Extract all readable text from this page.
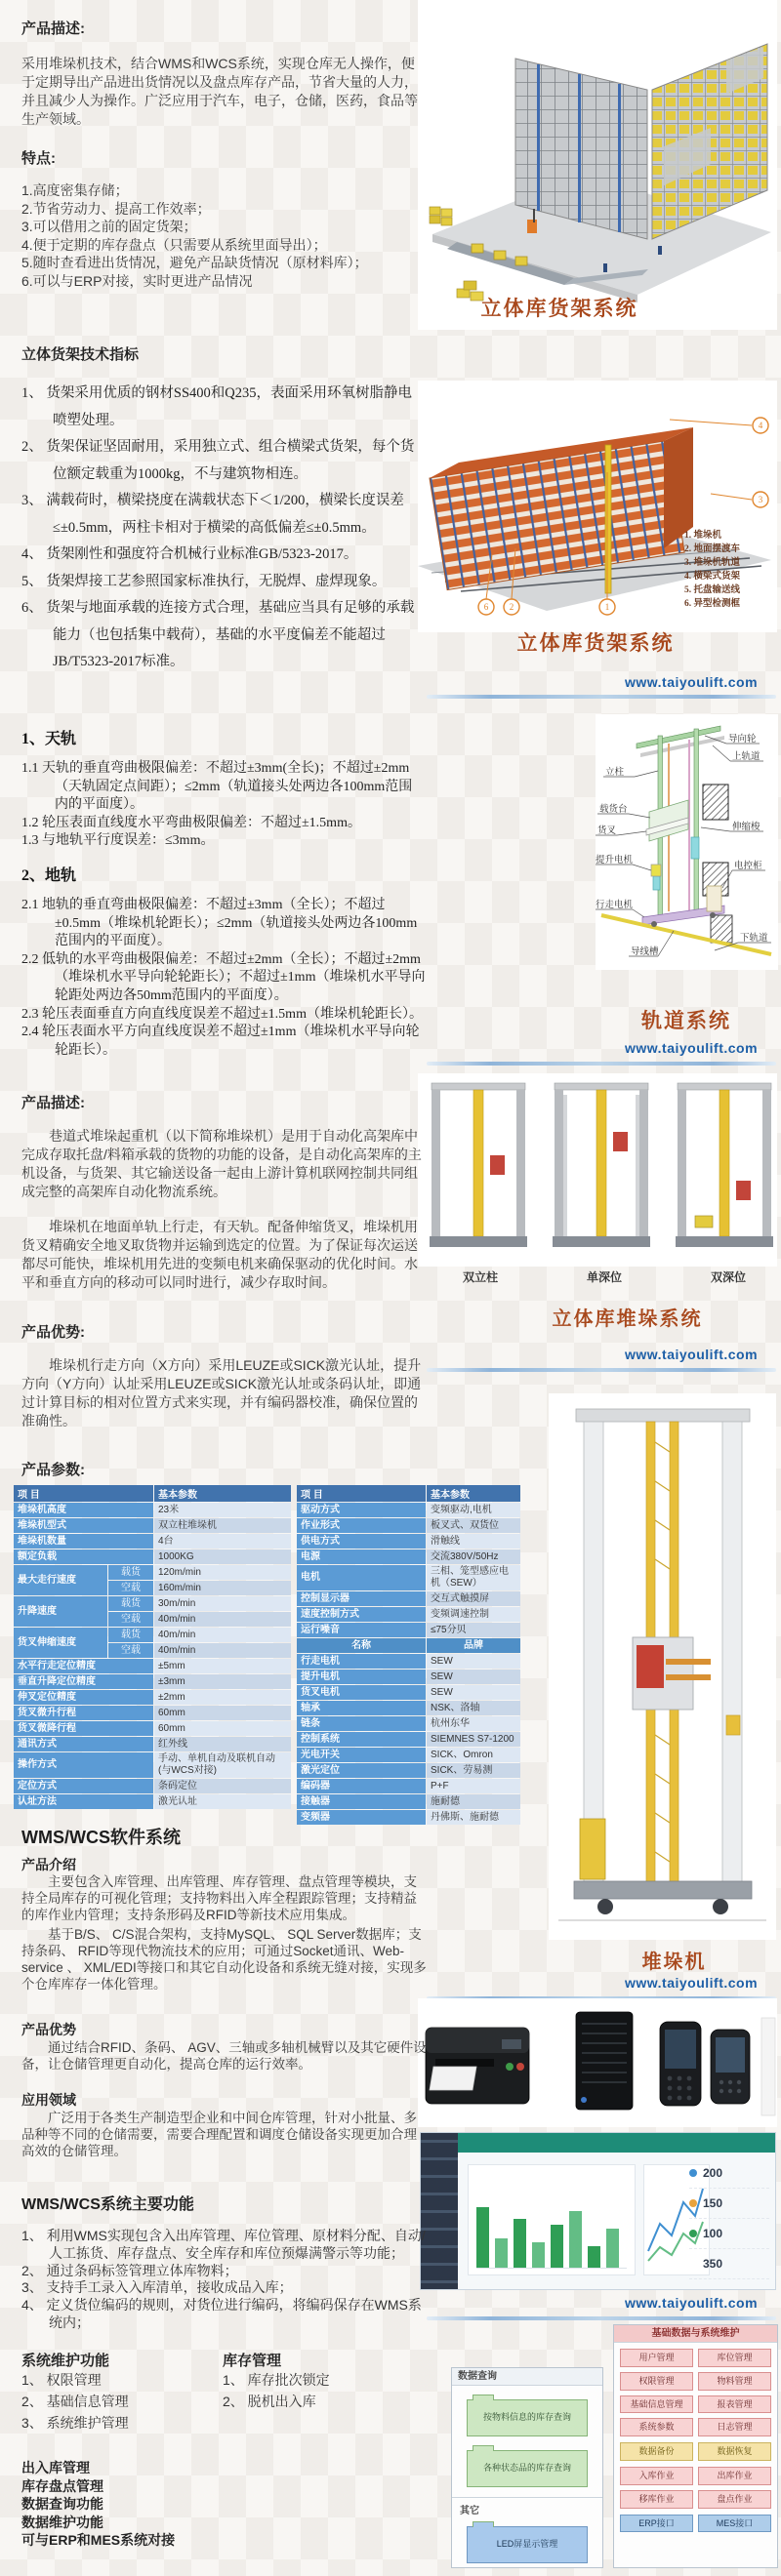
立体库货架系统
6 2	1
3
4
1. 堆垛机
2. 地面摆渡车
3. 堆垛机轨道
4. 横梁式货架
5. 托盘输送线
6. 异型检测框
立体库货架系统
www.taiyoulift.com
立柱
载货台
货叉
提升电机
行走电机
导线槽
导向轮
上轨道
伸缩梭
电控柜
下轨道
轨道系统
www.taiyoulift.com
双立柱	单深位	双深位
立体库堆垛系统
www.taiyoulift.com
堆垛机
www.taiyoulift.com
200
150
100
350
www.taiyoulift.com
基础数据与系统维护
用户管理	库位管理
权限管理	物料管理
基础信息管理	报表管理
系统参数	日志管理
数据备份	数据恢复
入库作业	出库作业
移库作业	盘点作业
ERP接口	MES接口
数据查询
按物料信息的库存查询
各种状态品的库存查询
其它
LED屏显示管理
产品描述:
采用堆垛机技术，结合WMS和WCS系统，实现仓库无人操作，便于定期导出产品进出货情况以及盘点库存产品，节省大量的人力，并且减少人为操作。广泛应用于汽车，电子，仓储，医药，食品等生产领域。
特点:
1.高度密集存储；
2.节省劳动力、提高工作效率；
3.可以借用之前的固定货架；
4.便于定期的库存盘点（只需要从系统里面导出）；
5.随时查看进出货情况，避免产品缺货情况（原材料库）；
6.可以与ERP对接，实时更进产品情况
立体货架技术指标
1、 货架采用优质的钢材SS400和Q235，表面采用环氧树脂静电喷塑处理。
2、 货架保证坚固耐用，采用独立式、组合横梁式货架，每个货位额定载重为1000kg，不与建筑物相连。
3、 满载荷时，横梁挠度在满载状态下＜1/200，横梁长度误差≤±0.5mm，两柱卡相对于横梁的高低偏差≤±0.5mm。
4、 货架刚性和强度符合机械行业标准GB/5323-2017。
5、 货架焊接工艺参照国家标准执行，无脱焊、虚焊现象。
6、 货架与地面承载的连接方式合理，基础应当具有足够的承载能力（也包括集中载荷），基础的水平度偏差不能超过JB/T5323-2017标准。
1、天轨
1.1 天轨的垂直弯曲极限偏差：不超过±3mm(全长)；不超过±2mm（天轨固定点间距）；≤2mm（轨道接头处两边各100mm范围内的平面度）。
1.2 轮压表面直线度水平弯曲极限偏差：不超过±1.5mm。
1.3 与地轨平行度误差：≤3mm。
2、地轨
2.1 地轨的垂直弯曲极限偏差：不超过±3mm（全长）；不超过±0.5mm（堆垛机轮距长）；≤2mm（轨道接头处两边各100mm范围内的平面度）。
2.2 低轨的水平弯曲极限偏差：不超过±2mm（全长）；不超过±2mm（堆垛机水平导向轮轮距长）；不超过±1mm（堆垛机水平导向轮距处两边各50mm范围内的平面度）。
2.3 轮压表面垂直方向直线度误差不超过±1.5mm（堆垛机轮距长）。
2.4 轮压表面水平方向直线度误差不超过±1mm（堆垛机水平导向轮轮距长）。
产品描述:
巷道式堆垛起重机（以下简称堆垛机）是用于自动化高架库中完成存取托盘/料箱承载的货物的功能的设备，是自动化高架库的主机设备，与货架、其它输送设备一起由上游计算机联网控制共同组成完整的高架库自动化物流系统。
堆垛机在地面单轨上行走，有天轨。配备伸缩货叉，堆垛机用货叉精确安全地叉取货物并运输到选定的位置。为了保证每次运送都尽可能快，堆垛机用先进的变频电机来确保驱动的优化时间。水平和垂直方向的移动可以同时进行，减少存取时间。
产品优势:
堆垛机行走方向（X方向）采用LEUZE或SICK激光认址，提升方向（Y方向）认址采用LEUZE或SICK激光认址或条码认址，即通过计算目标的相对位置方式来实现，并有编码器校准，确保位置的准确性。
产品参数:
项 目		基本参数
堆垛机高度		23米
堆垛机型式		双立柱堆垛机
堆垛机数量		4台
额定负载		1000KG
最大走行速度	载货	120m/min
	空载	160m/min
升降速度	载货	30m/min
	空载	40m/min
货叉伸缩速度	载货	40m/min
	空载	40m/min
水平行走定位精度		±5mm
垂直升降定位精度		±3mm
伸叉定位精度		±2mm
货叉微升行程		60mm
货叉微降行程		60mm
通讯方式		红外线
操作方式		手动、单机自动及联机自动(与WCS对接)
定位方式		条码定位
认址方法		激光认址
项 目	基本参数
驱动方式	变频驱动,电机
作业形式	板叉式、双货位
供电方式	滑触线
电源	交流380V/50Hz
电机	三相、笼型感应电机（SEW）
控制显示器	交互式触摸屏
速度控制方式	变频调速控制
运行噪音	≤75分贝
名称	品牌
行走电机	SEW
提升电机	SEW
货叉电机	SEW
轴承	NSK、洛轴
链条	杭州东华
控制系统	SIEMNES S7-1200
光电开关	SICK、Omron
激光定位	SICK、劳易测
编码器	P+F
接触器	施耐德
变频器	丹佛斯、施耐德
WMS/WCS软件系统
产品介绍
主要包含入库管理、出库管理、库存管理、盘点管理等模块，支持全局库存的可视化管理；支持物料出入库全程跟踪管理；支持精益的库作业内管理；支持条形码及RFID等新技术应用集成。
基于B/S、 C/S混合架构，支持MySQL、 SQL Server数据库；支持条码、 RFID等现代物流技术的应用；可通过Socket通讯、Web-service 、 XML/EDI等接口和其它自动化设备和系统无缝对接，实现多个仓库库存一体化管理。
产品优势
通过结合RFID、条码、 AGV、三轴或多轴机械臂以及其它硬件设备，让仓储管理更自动化，提高仓库的运行效率。
应用领域
广泛用于各类生产制造型企业和中间仓库管理，针对小批量、多品种等不同的仓储需要，需要合理配置和调度仓储设备实现更加合理高效的仓储管理。
WMS/WCS系统主要功能
1、 利用WMS实现包含入出库管理、库位管理、原材料分配、自动/人工拣货、库存盘点、安全库存和库位预爆满警示等功能；
2、 通过条码标签管理立体库物料；
3、 支持手工录入入库清单，接收成品入库；
4、 定义货位编码的规则，对货位进行编码，将编码保存在WMS系统内；
系统维护功能
1、 权限管理
2、 基础信息管理
3、 系统维护管理
库存管理
1、 库存批次锁定
2、 脱机出入库
出入库管理
库存盘点管理
数据查询功能
数据维护功能
可与ERP和MES系统对接
